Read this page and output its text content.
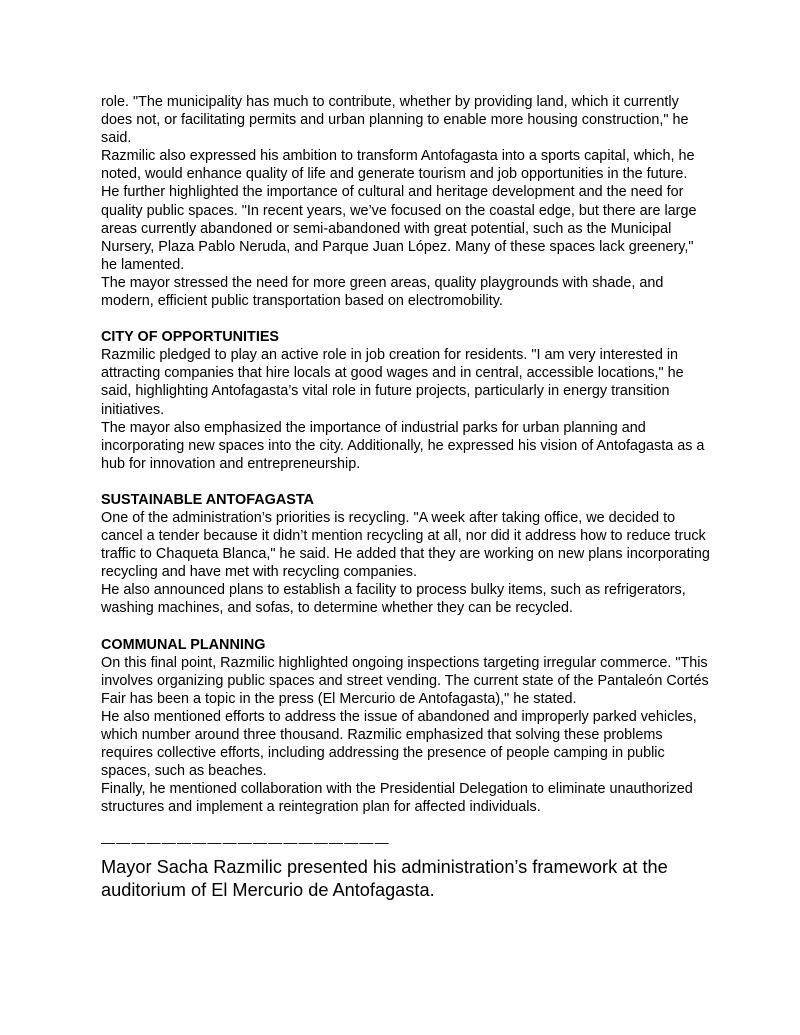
role. "The municipality has much to contribute, whether by providing land, which it currently does not, or facilitating permits and urban planning to enable more housing construction," he said.

Razmilic also expressed his ambition to transform Antofagasta into a sports capital, which, he noted, would enhance quality of life and generate tourism and job opportunities in the future.

He further highlighted the importance of cultural and heritage development and the need for quality public spaces. "In recent years, we’ve focused on the coastal edge, but there are large areas currently abandoned or semi-abandoned with great potential, such as the Municipal Nursery, Plaza Pablo Neruda, and Parque Juan López. Many of these spaces lack greenery," he lamented.

The mayor stressed the need for more green areas, quality playgrounds with shade, and modern, efficient public transportation based on electromobility.

CITY OF OPPORTUNITIES

Razmilic pledged to play an active role in job creation for residents. "I am very interested in attracting companies that hire locals at good wages and in central, accessible locations," he said, highlighting Antofagasta’s vital role in future projects, particularly in energy transition initiatives.

The mayor also emphasized the importance of industrial parks for urban planning and incorporating new spaces into the city. Additionally, he expressed his vision of Antofagasta as a hub for innovation and entrepreneurship.

SUSTAINABLE ANTOFAGASTA

One of the administration’s priorities is recycling. "A week after taking office, we decided to cancel a tender because it didn’t mention recycling at all, nor did it address how to reduce truck traffic to Chaqueta Blanca," he said. He added that they are working on new plans incorporating recycling and have met with recycling companies.

He also announced plans to establish a facility to process bulky items, such as refrigerators, washing machines, and sofas, to determine whether they can be recycled.

COMMUNAL PLANNING

On this final point, Razmilic highlighted ongoing inspections targeting irregular commerce. "This involves organizing public spaces and street vending. The current state of the Pantaleón Cortés Fair has been a topic in the press (El Mercurio de Antofagasta)," he stated.

He also mentioned efforts to address the issue of abandoned and improperly parked vehicles, which number around three thousand. Razmilic emphasized that solving these problems requires collective efforts, including addressing the presence of people camping in public spaces, such as beaches.

Finally, he mentioned collaboration with the Presidential Delegation to eliminate unauthorized structures and implement a reintegration plan for affected individuals.

———————————————————

Mayor Sacha Razmilic presented his administration’s framework at the auditorium of El Mercurio de Antofagasta.
